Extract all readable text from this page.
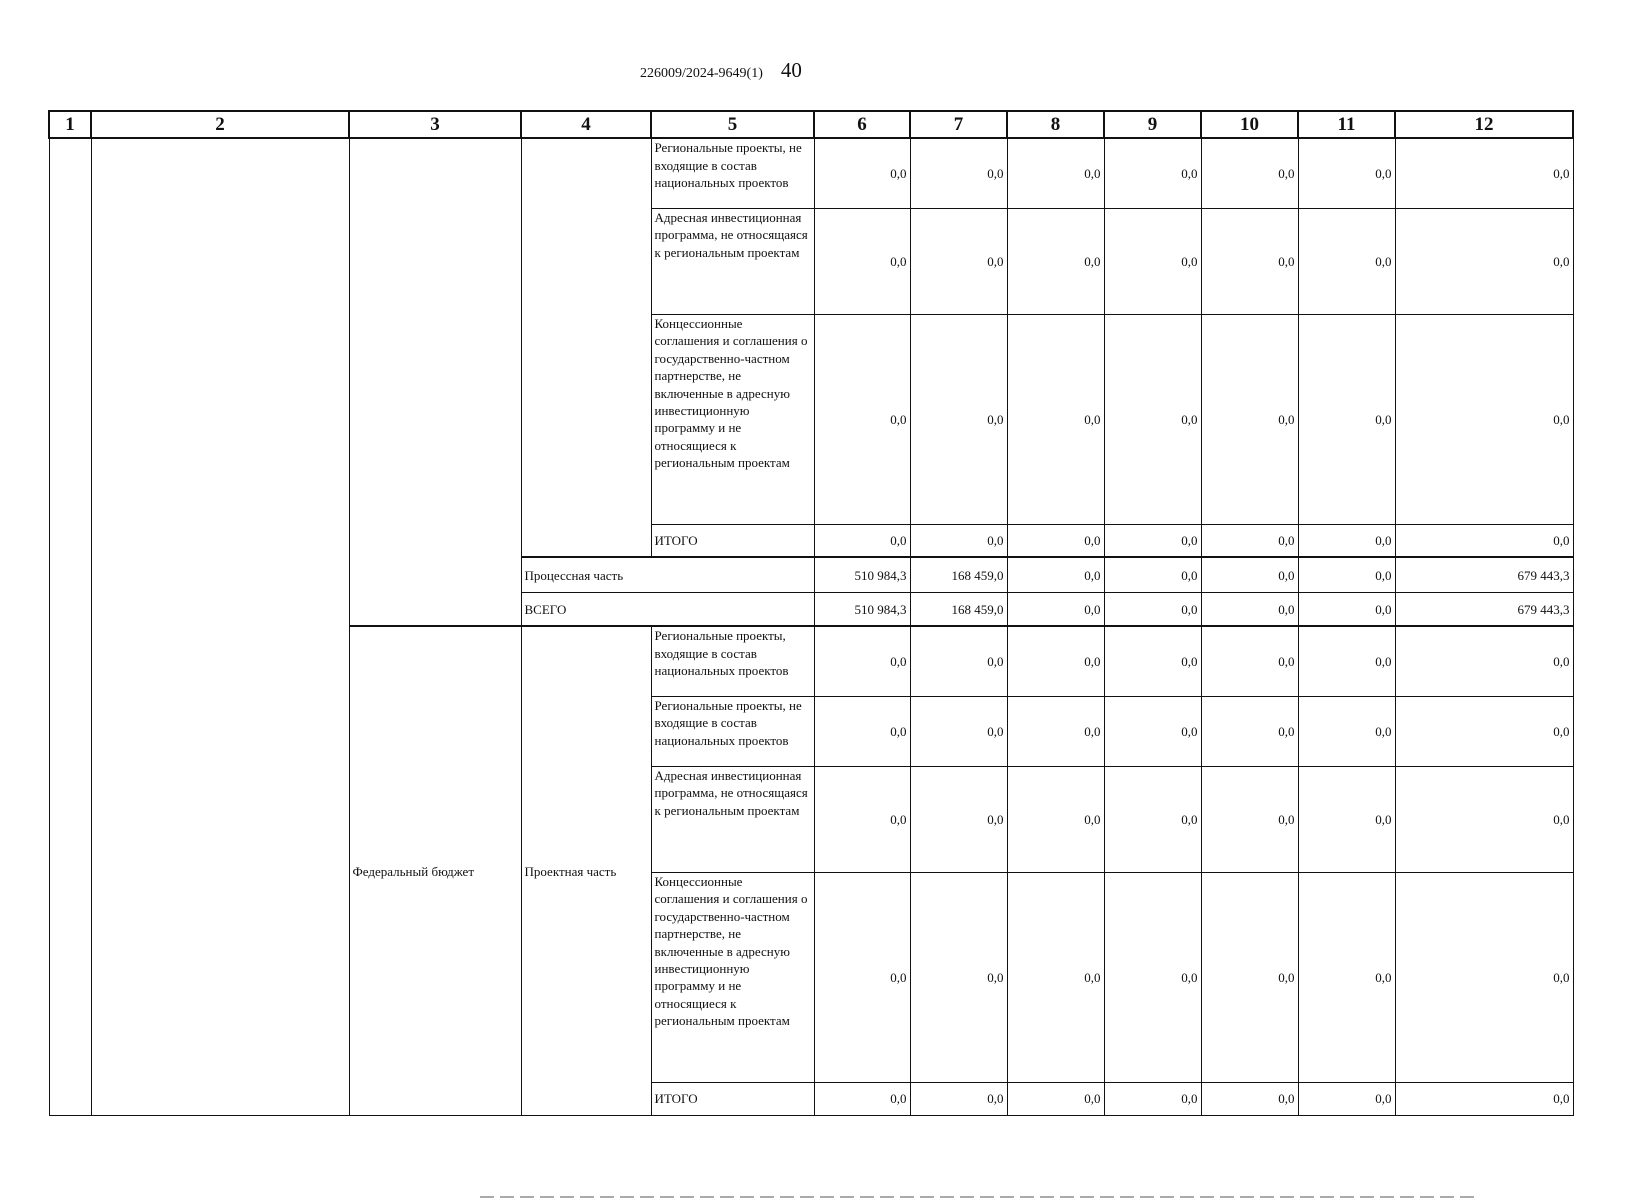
226009/2024-9649(1) 40
1	2	3	4	5	6	7	8	9	10	11	12
				Региональные проекты, не входящие в состав национальных проектов	0,0	0,0	0,0	0,0	0,0	0,0	0,0
				Адресная инвестиционная программа, не относящаяся к региональным проектам	0,0	0,0	0,0	0,0	0,0	0,0	0,0
				Концессионные соглашения и соглашения о государственно-частном партнерстве, не включенные в адресную инвестиционную программу и не относящиеся к региональным проектам	0,0	0,0	0,0	0,0	0,0	0,0	0,0
				ИТОГО	0,0	0,0	0,0	0,0	0,0	0,0	0,0
			Процессная часть		510 984,3	168 459,0	0,0	0,0	0,0	0,0	679 443,3
			ВСЕГО		510 984,3	168 459,0	0,0	0,0	0,0	0,0	679 443,3
		Федеральный бюджет	Проектная часть	Региональные проекты, входящие в состав национальных проектов	0,0	0,0	0,0	0,0	0,0	0,0	0,0
				Региональные проекты, не входящие в состав национальных проектов	0,0	0,0	0,0	0,0	0,0	0,0	0,0
				Адресная инвестиционная программа, не относящаяся к региональным проектам	0,0	0,0	0,0	0,0	0,0	0,0	0,0
				Концессионные соглашения и соглашения о государственно-частном партнерстве, не включенные в адресную инвестиционную программу и не относящиеся к региональным проектам	0,0	0,0	0,0	0,0	0,0	0,0	0,0
				ИТОГО	0,0	0,0	0,0	0,0	0,0	0,0	0,0
